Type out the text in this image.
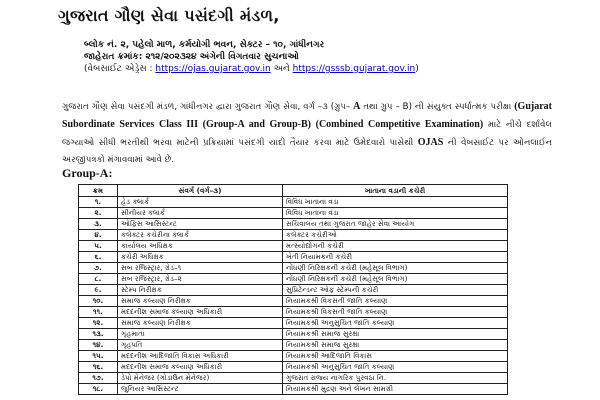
ગુજરાત ગૌણ સેવા પસંદગી મંડળ,
બ્લોક નં. ૨, પહેલો માળ, કર્મયોગી ભવન, સેક્ટર – ૧૦, ગાંધીનગર
જાહેરાત ક્રમાંક: ૨૧૨/૨૦૨૩૨૪ અંગેની વિગતવાર સુચનાઓ
(વેબસાઈટ એડ્રેસ : https://ojas.gujarat.gov.in અને https://gsssb.gujarat.gov.in)
ગુજરાત ગૌણ સેવા પસંદગી મંડળ, ગાંધીનગર દ્વારા ગુજરાત ગૌણ સેવા, વર્ગ –૩ (ગ્રુપ– A તથા ગ્રુપ – B) ની સંયુક્ત સ્પર્ધાત્મક પરીક્ષા (Gujarat Subordinate Services Class III (Group-A and Group-B) (Combined Competitive Examination) માટે નીચે દર્શાવેલ જગ્યાઓ સીધી ભરતીથી ભરવા માટેની પ્રક્રિયામાં પસંદગી યાદી તૈયાર કરવા માટે ઉમેદવારો પાસેથી OJAS ની વેબસાઈટ પર ઓનલાઈન અરજીપત્રકો મંગાવવામાં આવે છે.
Group-A:
ક્રમ	સંવર્ગ (વર્ગ–૩)	ખાતાના વડાની કચેરી
૧.	હેડ ક્લાર્ક	વિવિધ ખાતાના વડા
૨.	સીનીયર ક્લાર્ક	વિવિધ ખાતાના વડા
૩.	ઓફિસ આસિસ્ટન્ટ	સચિવાલય તથા ગુજરાત જાહેર સેવા આયોગ
૪.	કલેક્ટર કચેરીના ક્લાર્ક	કલેક્ટર કચેરીઓ
૫.	કાર્યાલય અધિક્ષક	મત્સ્યોદ્યોગની કચેરી
૬.	કચેરી અધિક્ષક	ખેતી નિયામકની કચેરી
૭.	સબ રજિસ્ટ્રાર, ગ્રેડ–૧	નોંધણી નિરિક્ષકની કચેરી (મહેસૂલ વિભાગ)
૮.	સબ રજિસ્ટ્રાર, ગ્રેડ–૨	નોંધણી નિરિક્ષકની કચેરી (મહેસૂલ વિભાગ)
૯.	સ્ટેમ્પ નિરીક્ષક	સુપ્રિટેન્ડન્ટ ઓફ સ્ટેમ્પની કચેરી
૧૦.	સમાજ કલ્યાણ નિરીક્ષક	નિયામકશ્રી વિકસતી જાતિ કલ્યાણ
૧૧.	મદદનીશ સમાજ કલ્યાણ અધિકારી	નિયામકશ્રી વિકસતી જાતિ કલ્યાણ
૧૨.	સમાજ કલ્યાણ નિરીક્ષક	નિયામકશ્રી અનુસુચિત જાતિ કલ્યાણ
૧૩.	ગૃહમાતા	નિયામકશ્રી સમાજ સુરક્ષા
૧૪.	ગૃહપતિ	નિયામકશ્રી સમાજ સુરક્ષા
૧૫.	મદદનીશ આદિજાતિ વિકાસ અધિકારી	નિયામકશ્રી આદિજાતિ વિકાસ
૧૬.	મદદનીશ સમાજ કલ્યાણ અધિકારી	નિયામકશ્રી અનુસુચિત જાતિ કલ્યાણ
૧૭.	ડેપો મેનેજર (ગોડાઉન મેનેજર)	ગુજરાત રાજ્ય નાગરિક પુરવઠા નિ.
૧૮.	જુનિયર આસિસ્ટન્ટ	નિયામકશ્રી મુદ્રણ અને લેખન સામગ્રી
